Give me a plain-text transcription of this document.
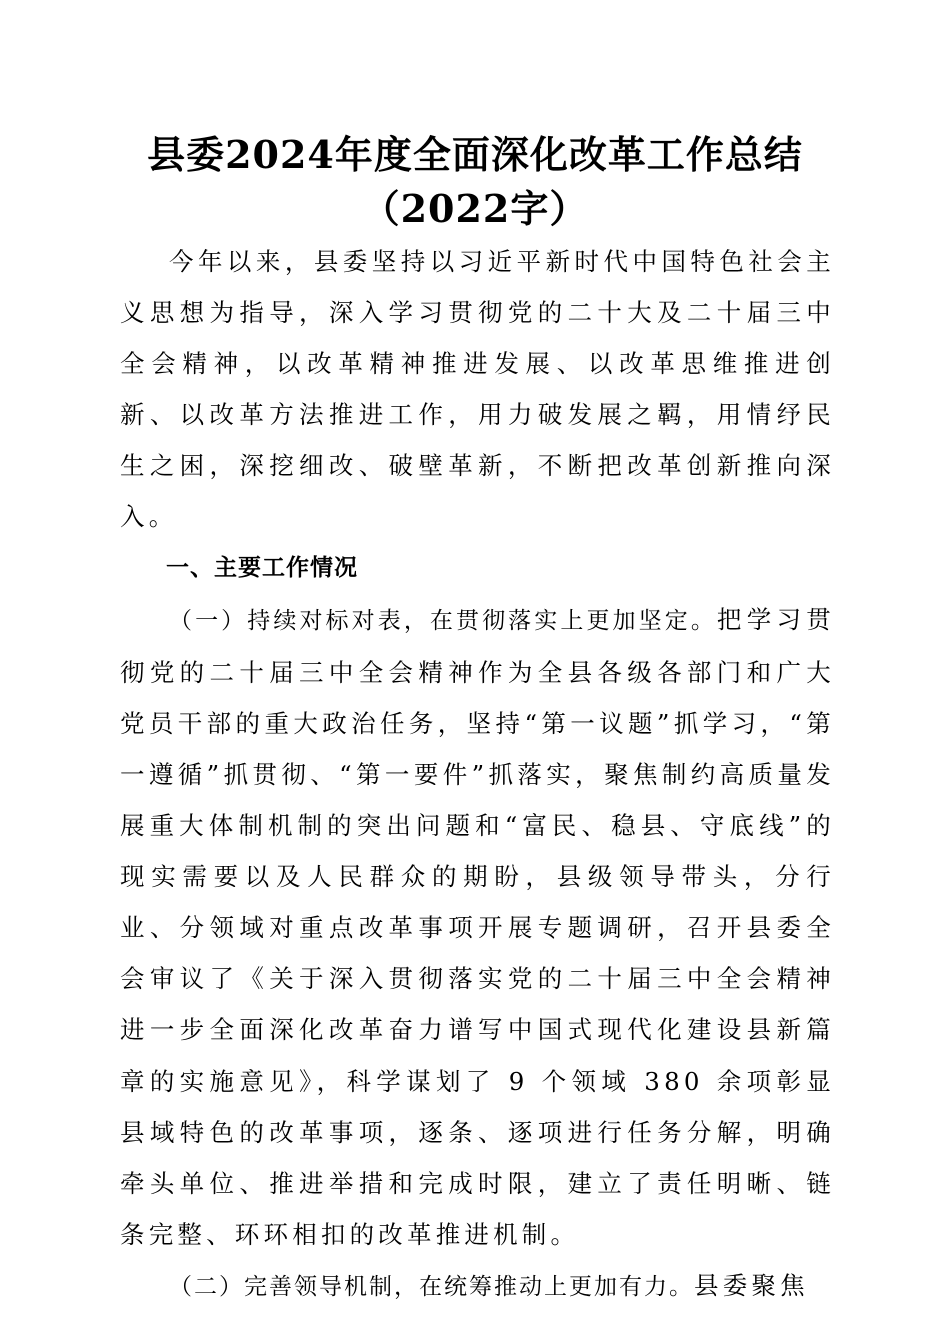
县委2024年度全面深化改革工作总结（2022字）

今年以来，县委坚持以习近平新时代中国特色社会主义思想为指导，深入学习贯彻党的二十大及二十届三中全会精神，以改革精神推进发展、以改革思维推进创新、以改革方法推进工作，用力破发展之羁，用情纾民生之困，深挖细改、破壁革新，不断把改革创新推向深入。

一、主要工作情况

（一）持续对标对表，在贯彻落实上更加坚定。把学习贯彻党的二十届三中全会精神作为全县各级各部门和广大党员干部的重大政治任务，坚持“第一议题”抓学习，“第一遵循”抓贯彻、“第一要件”抓落实，聚焦制约高质量发展重大体制机制的突出问题和“富民、稳县、守底线”的现实需要以及人民群众的期盼，县级领导带头，分行业、分领域对重点改革事项开展专题调研，召开县委全会审议了《关于深入贯彻落实党的二十届三中全会精神进一步全面深化改革奋力谱写中国式现代化建设县新篇章的实施意见》，科学谋划了 9 个领域 380 余项彰显县域特色的改革事项，逐条、逐项进行任务分解，明确牵头单位、推进举措和完成时限，建立了责任明晰、链条完整、环环相扣的改革推进机制。

（二）完善领导机制，在统筹推动上更加有力。县委聚焦
